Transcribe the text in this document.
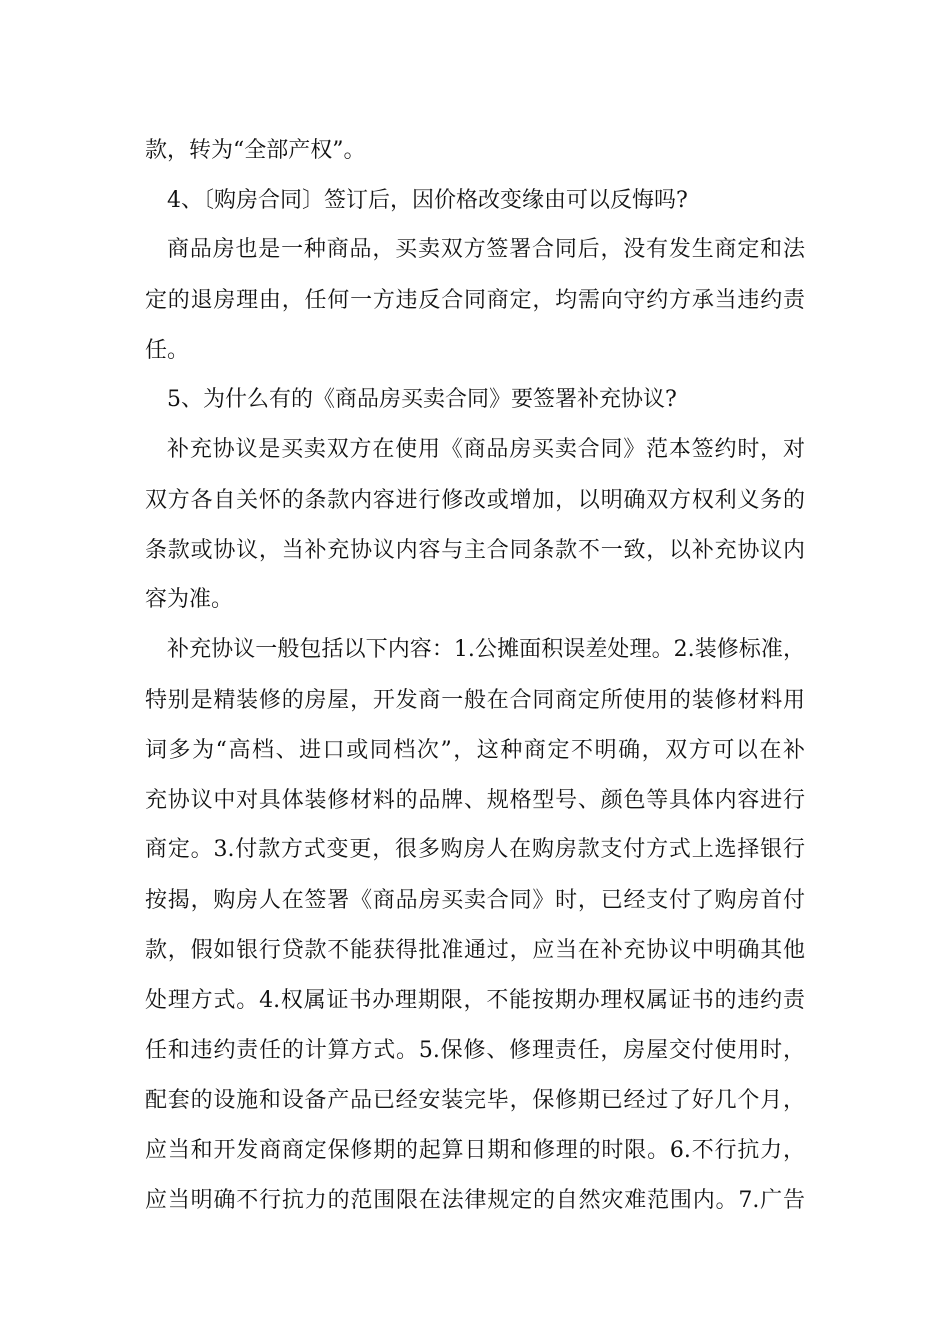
款，转为“全部产权”。
4、〔购房合同〕签订后，因价格改变缘由可以反悔吗?
商品房也是一种商品，买卖双方签署合同后，没有发生商定和法
定的退房理由，任何一方违反合同商定，均需向守约方承当违约责
任。
5、为什么有的《商品房买卖合同》要签署补充协议?
补充协议是买卖双方在使用《商品房买卖合同》范本签约时，对
双方各自关怀的条款内容进行修改或增加，以明确双方权利义务的
条款或协议，当补充协议内容与主合同条款不一致，以补充协议内
容为准。
补充协议一般包括以下内容：1.公摊面积误差处理。2.装修标准，
特别是精装修的房屋，开发商一般在合同商定所使用的装修材料用
词多为“高档、进口或同档次”，这种商定不明确，双方可以在补
充协议中对具体装修材料的品牌、规格型号、颜色等具体内容进行
商定。3.付款方式变更，很多购房人在购房款支付方式上选择银行
按揭，购房人在签署《商品房买卖合同》时，已经支付了购房首付
款，假如银行贷款不能获得批准通过，应当在补充协议中明确其他
处理方式。4.权属证书办理期限，不能按期办理权属证书的违约责
任和违约责任的计算方式。5.保修、修理责任，房屋交付使用时，
配套的设施和设备产品已经安装完毕，保修期已经过了好几个月，
应当和开发商商定保修期的起算日期和修理的时限。6.不行抗力，
应当明确不行抗力的范围限在法律规定的自然灾难范围内。7.广告
